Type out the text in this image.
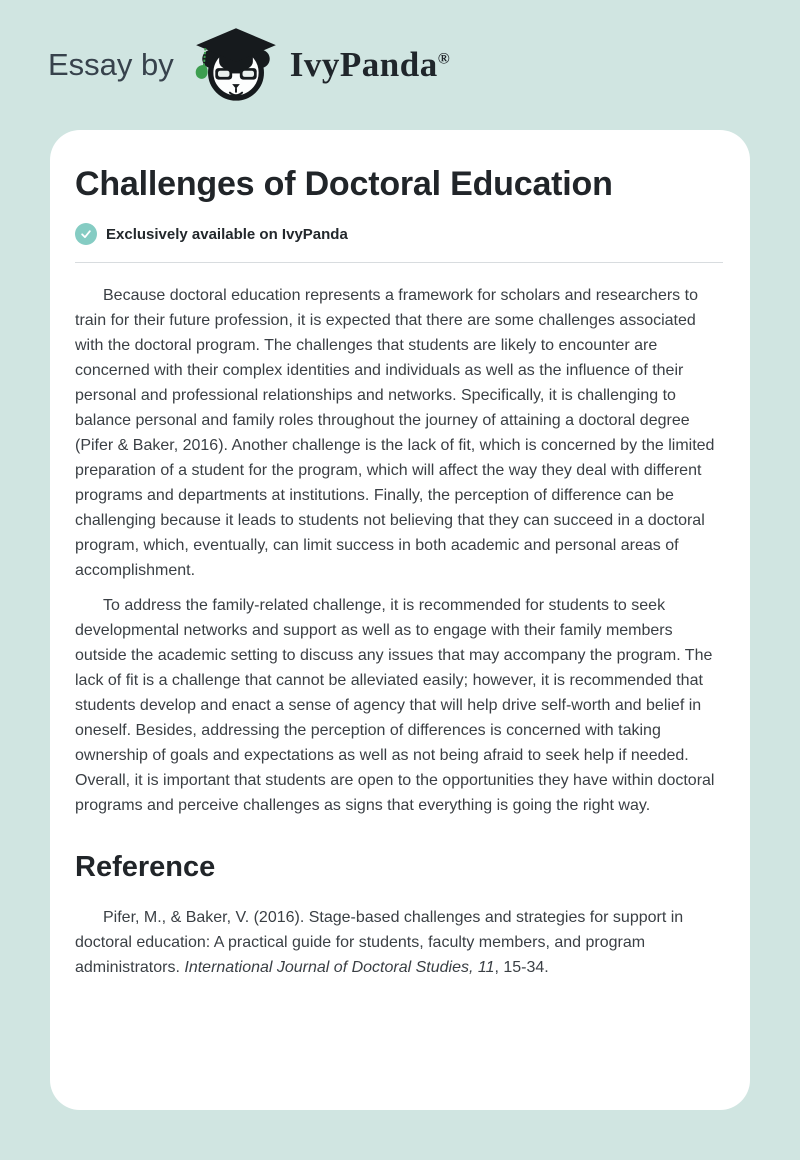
Essay by	IvyPanda®
Challenges of Doctoral Education
Exclusively available on IvyPanda

Because doctoral education represents a framework for scholars and researchers to train for their future profession, it is expected that there are some challenges associated with the doctoral program. The challenges that students are likely to encounter are concerned with their complex identities and individuals as well as the influence of their personal and professional relationships and networks. Specifically, it is challenging to balance personal and family roles throughout the journey of attaining a doctoral degree (Pifer & Baker, 2016). Another challenge is the lack of fit, which is concerned by the limited preparation of a student for the program, which will affect the way they deal with different programs and departments at institutions. Finally, the perception of difference can be challenging because it leads to students not believing that they can succeed in a doctoral program, which, eventually, can limit success in both academic and personal areas of accomplishment.

To address the family-related challenge, it is recommended for students to seek developmental networks and support as well as to engage with their family members outside the academic setting to discuss any issues that may accompany the program. The lack of fit is a challenge that cannot be alleviated easily; however, it is recommended that students develop and enact a sense of agency that will help drive self-worth and belief in oneself. Besides, addressing the perception of differences is concerned with taking ownership of goals and expectations as well as not being afraid to seek help if needed. Overall, it is important that students are open to the opportunities they have within doctoral programs and perceive challenges as signs that everything is going the right way.

Reference

Pifer, M., & Baker, V. (2016). Stage-based challenges and strategies for support in doctoral education: A practical guide for students, faculty members, and program administrators. International Journal of Doctoral Studies, 11, 15-34.
